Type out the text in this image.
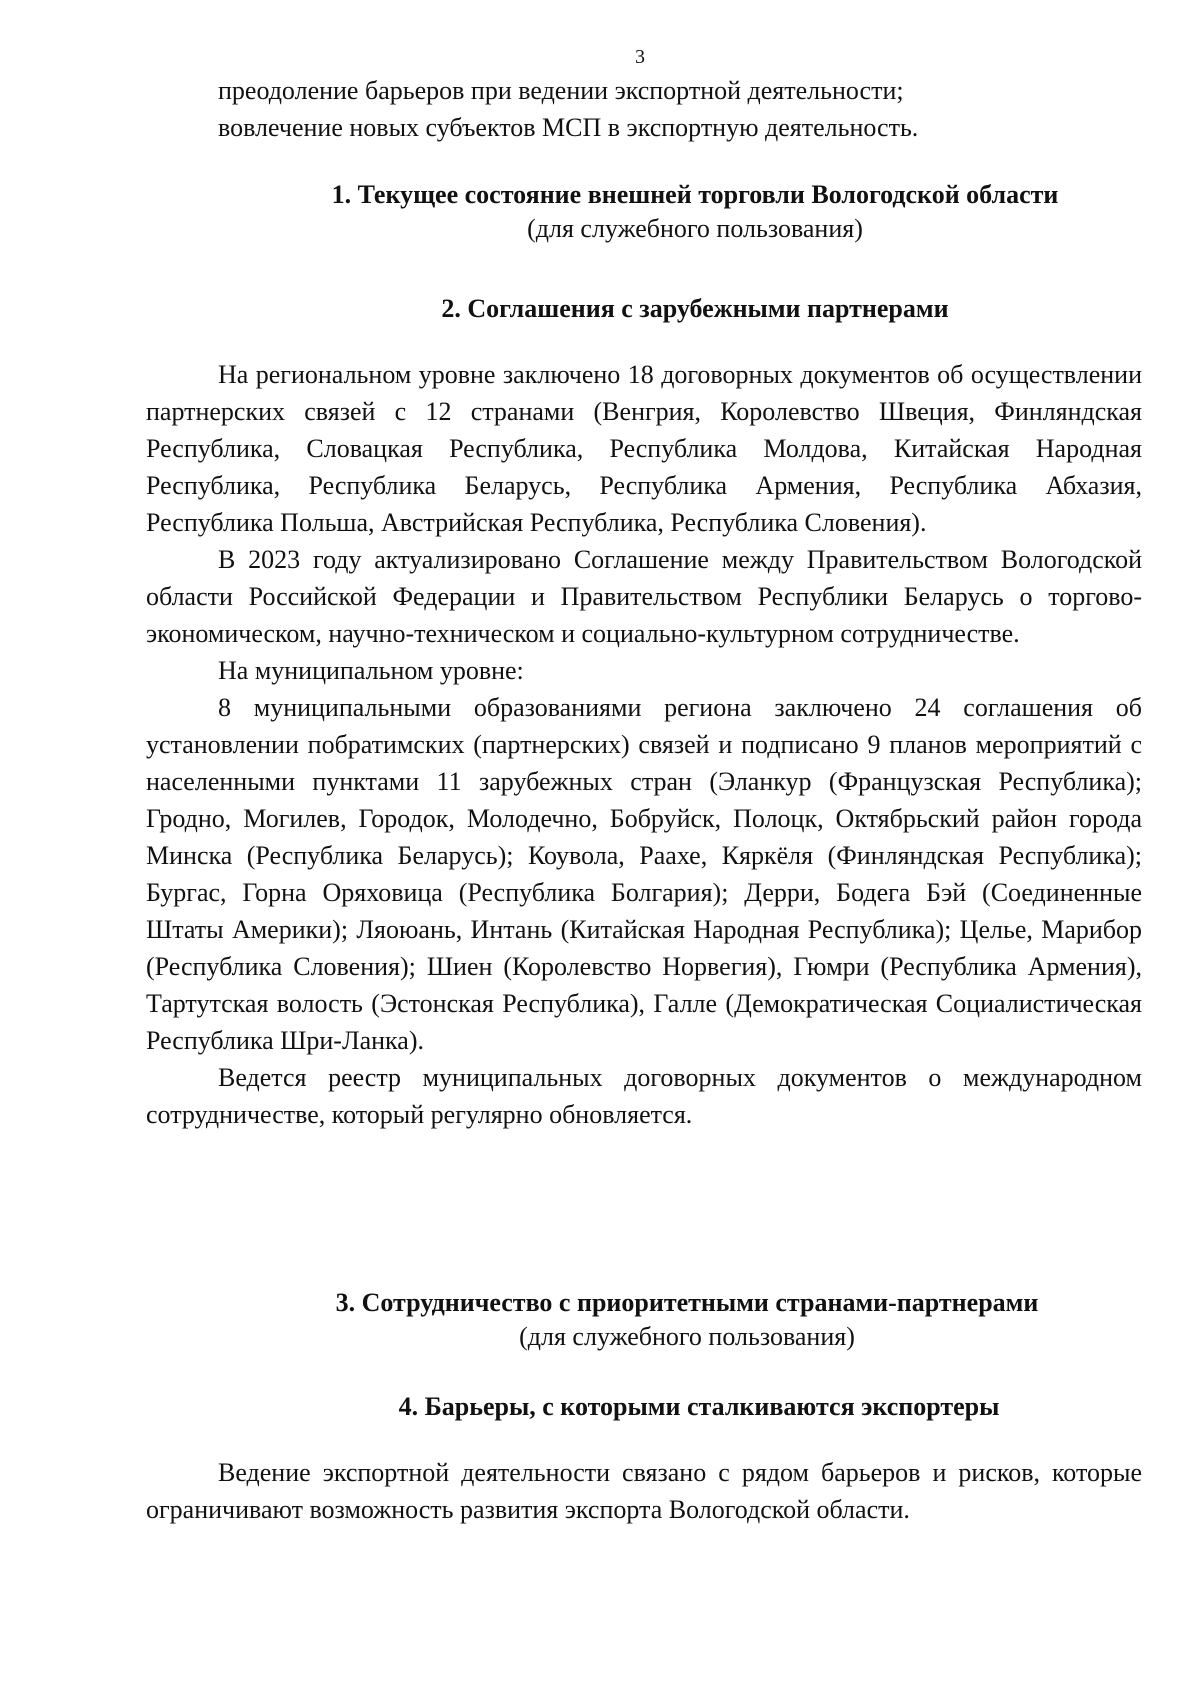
3

преодоление барьеров при ведении экспортной деятельности;

вовлечение новых субъектов МСП в экспортную деятельность.

1. Текущее состояние внешней торговли Вологодской области
(для служебного пользования)
2. Соглашения с зарубежными партнерами

На региональном уровне заключено 18 договорных документов об осуществлении партнерских связей с 12 странами (Венгрия, Королевство Швеция, Финляндская Республика, Словацкая Республика, Республика Молдова, Китайская Народная Республика, Республика Беларусь, Республика Армения, Республика Абхазия, Республика Польша, Австрийская Республика, Республика Словения).

В 2023 году актуализировано Соглашение между Правительством Вологодской области Российской Федерации и Правительством Республики Беларусь о торгово-экономическом, научно-техническом и социально-культурном сотрудничестве.

На муниципальном уровне:

8 муниципальными образованиями региона заключено 24 соглашения об установлении побратимских (партнерских) связей и подписано 9 планов мероприятий с населенными пунктами 11 зарубежных стран (Эланкур (Французская Республика); Гродно, Могилев, Городок, Молодечно, Бобруйск, Полоцк, Октябрьский район города Минска (Республика Беларусь); Коувола, Раахе, Кяркёля (Финляндская Республика); Бургас, Горна Оряховица (Республика Болгария); Дерри, Бодега Бэй (Соединенные Штаты Америки); Ляоюань, Интань (Китайская Народная Республика); Целье, Марибор (Республика Словения); Шиен (Королевство Норвегия), Гюмри (Республика Армения), Тартутская волость (Эстонская Республика), Галле (Демократическая Социалистическая Республика Шри-Ланка).

Ведется реестр муниципальных договорных документов о международном сотрудничестве, который регулярно обновляется.

3. Сотрудничество с приоритетными странами-партнерами
(для служебного пользования)
4. Барьеры, с которыми сталкиваются экспортеры

Ведение экспортной деятельности связано с рядом барьеров и рисков, которые ограничивают возможность развития экспорта Вологодской области.
